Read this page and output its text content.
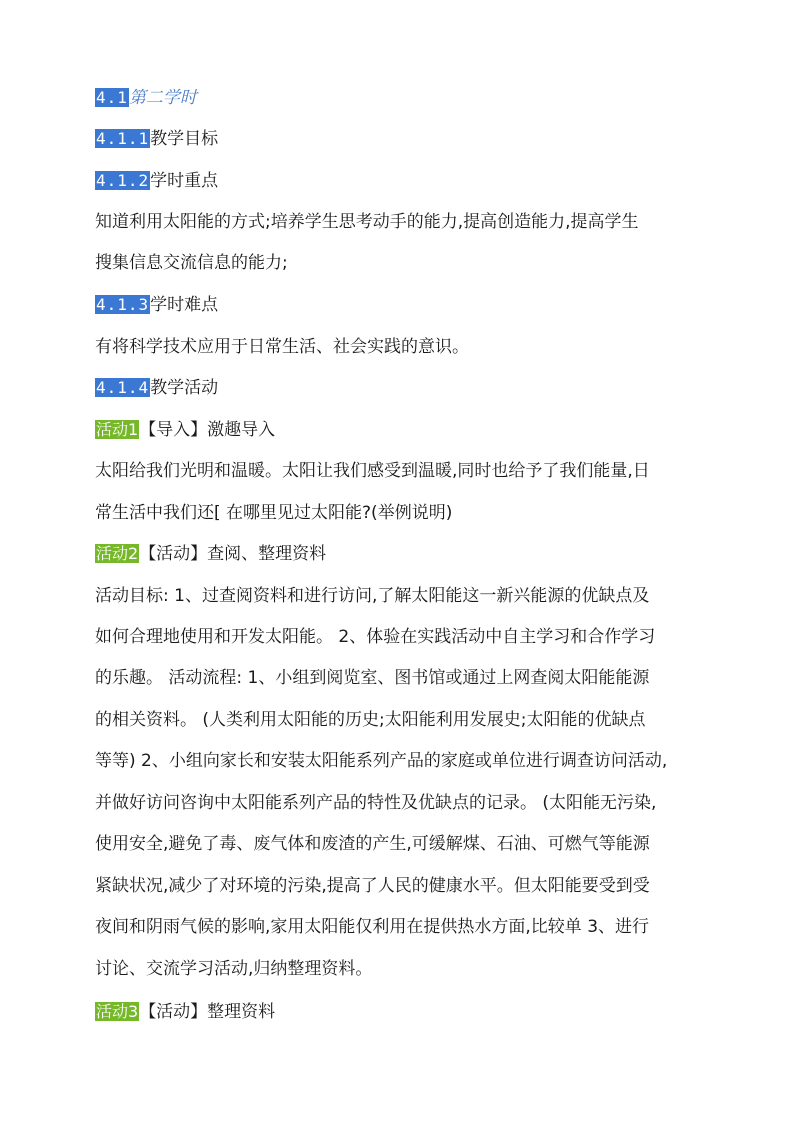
4.1第二学时
4.1.1教学目标
4.1.2学时重点
知道利用太阳能的方式;培养学生思考动手的能力,提高创造能力,提高学生
搜集信息交流信息的能力;
4.1.3学时难点
有将科学技术应用于日常生活、社会实践的意识。
4.1.4教学活动
活动1【导入】激趣导入
太阳给我们光明和温暖。太阳让我们感受到温暖,同时也给予了我们能量,日
常生活中我们还[ 在哪里见过太阳能?(举例说明)
活动2【活动】查阅、整理资料
活动目标: 1、过查阅资料和进行访问,了解太阳能这一新兴能源的优缺点及
如何合理地使用和开发太阳能。 2、体验在实践活动中自主学习和合作学习
的乐趣。 活动流程: 1、小组到阅览室、图书馆或通过上网查阅太阳能能源
的相关资料。 (人类利用太阳能的历史;太阳能利用发展史;太阳能的优缺点
等等) 2、小组向家长和安装太阳能系列产品的家庭或单位进行调查访问活动,
并做好访问咨询中太阳能系列产品的特性及优缺点的记录。 (太阳能无污染,
使用安全,避免了毒、废气体和废渣的产生,可缓解煤、石油、可燃气等能源
紧缺状况,减少了对环境的污染,提高了人民的健康水平。但太阳能要受到受
夜间和阴雨气候的影响,家用太阳能仅利用在提供热水方面,比较单 3、进行
讨论、交流学习活动,归纳整理资料。
活动3【活动】整理资料
